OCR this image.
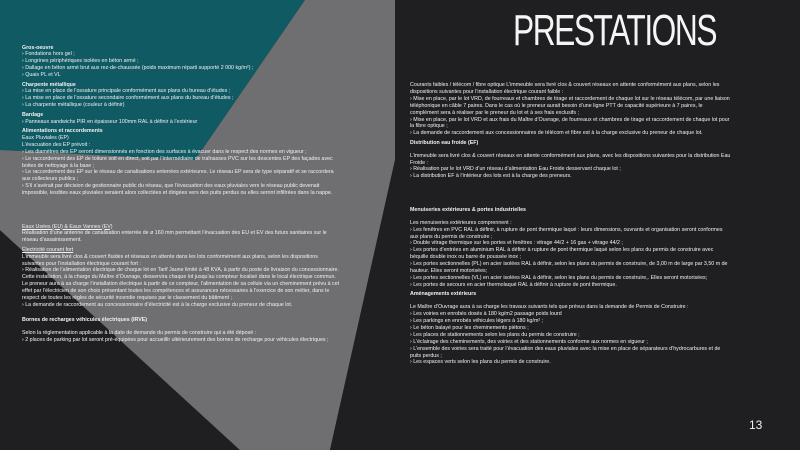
PRESTATIONS
Gros-oeuvre
› Fondations hors gel ;
› Longrines périphériques isolées en béton armé ;
› Dallage en béton armé brut aux rez-de-chaussée (poids maximum réparti supporté 2 000 kg/m²) ;
› Quais PL et VL
Charpente métallique
› La mise en place de l’ossature principale conformément aux plans du bureau d’études ;
› La mise en place de l’ossature secondaire conformément aux plans du bureau d’études ;
› La charpente métallique (couleur à définir)
Bardage
› Panneaux sandwichs PIR en épaisseur 100mm RAL à définir à l’extérieur
Alimentations et raccordements
Eaux Pluviales (EP)
L’évacuation des EP prévoit :
› Les diamètres des EP seront dimensionnés en fonction des surfaces à évacuer dans le respect des normes en vigueur ;
› Le raccordement des EP de toiture soit en direct, soit par l’intermédiaire de traînasses PVC sur les descentes EP des façades avec boites de nettoyage à la base ;
› Le raccordement des EP sur le réseau de canalisations enterrées extérieures. Le réseau EP sera de type séparatif et se raccordera aux collecteurs publics ;
› S’il s’avérait par décision de gestionnaire public du réseau, que l’évacuation des eaux pluviales vers le réseau public devenait impossible, lesdites eaux pluviales seraient alors collectées et dirigées vers des puits perdus ou elles seront infiltrées dans la nappe.
Eaux Usées (EU) & Eaux Vannes (EV)
Réalisation d’une antenne de canalisation enterrée de ø 160 mm permettant l’évacuation des EU et EV des futurs sanitaires sur le réseau d’assainissement.
Électricité courant fort
L’immeuble sera livré clos & couvert fluides et réseaux en attente dans les lots conformément aux plans, selon les dispositions suivantes pour l’installation électrique courant fort :
› Réalisation de l’alimentation électrique de chaque lot en Tarif Jaune limité à 48 KVA, à partir du poste de livraison du concessionnaire. Cette installation, à la charge du Maître d’Ouvrage, desservira chaque lot jusqu’au compteur localisé dans le local électrique commun. Le preneur aura à sa charge l’installation électrique à partir de ce compteur, l’alimentation de sa cellule via un cheminement prévu à cet effet par l’électricien de son choix présentant toutes les compétences et assurances nécessaires à l’exercice de son métier, dans le respect de toutes les règles de sécurité incendie requises par le classement du bâtiment ;
› La demande de raccordement au concessionnaire d’électricité est à la charge exclusive du preneur de chaque lot.
Bornes de recharges véhicules électriques (IRVE)
Selon la réglementation applicable à la date de demande du permis de construire qui a été déposé :
› 2 places de parking par lot seront pré-équipées pour accueillir ultérieurement des bornes de recharge pour véhicules électriques ;
Courants faibles / télécom / fibre optique L’immeuble sera livré clos & couvert réseaux en attente conformément aux plans, selon les dispositions suivantes pour l’installation électrique courant faible :
› Mise en place, par le lot VRD, de fourreaux et chambres de tirage et raccordement de chaque lot sur le réseau télécom, par une liaison téléphonique en câble 7 paires. Dans le cas où le preneur aurait besoin d’une ligne PTT de capacité supérieure à 7 paires, le complément sera à réaliser par le preneur du lot et à ses frais exclusifs ;
› Mise en place, par le lot VRD et aux frais du Maître d’Ouvrage, de fourreaux et chambres de tirage et raccordement de chaque lot pour la fibre optique ;
› La demande de raccordement aux concessionnaires de télécom et fibre est à la charge exclusive du preneur de chaque lot.
Distribution eau froide (EF)
L’immeuble sera livré clos & couvert réseaux en attente conformément aux plans, avec les dispositions suivantes pour la distribution Eau Froide :
› Réalisation par le lot VRD d’un réseau d’alimentation Eau Froide desservant chaque lot ;
› La distribution EF à l’intérieur des lots est à la charge des preneurs.
Menuiseries extérieures & portes industrielles
Les menuiseries extérieures comprennent :
› Les fenêtres en PVC RAL à définir, à rupture de pont thermique laqué : leurs dimensions, ouvrants et organisation seront conformes aux plans du permis de construire ;
› Double vitrage thermique sur les portes et fenêtres : vitrage 44/2 + 16 gas + vitrage 44/2 ;
› Les portes d’entrées en aluminium RAL à définir à rupture de pont thermique laqué selon les plans du permis de construire avec béquille double inox ou barre de poussée inox ;
› Les portes sectionnelles (PL) en acier isolées RAL à définir, selon les plans du permis de construire, de 3,00 m de large par 3,50 m de hauteur. Elles seront motorisées;
› Les portes sectionnelles (VL) en acier isolées RAL à définir, selon les plans du permis de construire,. Elles seront motorisées;
› Les portes de secours en acier thermolaqué RAL à définir à rupture de pont thermique.
Aménagements extérieurs
Le Maître d’Ouvrage aura à sa charge les travaux suivants tels que prévus dans la demande de Permis de Construire :
› Les voiries en enrobés dosés à 180 kg/m2 passage poids lourd
› Les parkings en enrobés véhicules légers à 180 kg/m² ;
› Le béton balayé pour les cheminements piétons ;
› Les places de stationnements selon les plans du permis de construire ;
› L’éclairage des cheminements, des voiries et des stationnements conforme aux normes en vigueur ;
› L’ensemble des voiries sera traité pour l’évacuation des eaux pluviales avec la mise en place de séparateurs d’hydrocarbures et de puits perdus ;
› Les espaces verts selon les plans du permis de construire.
13
